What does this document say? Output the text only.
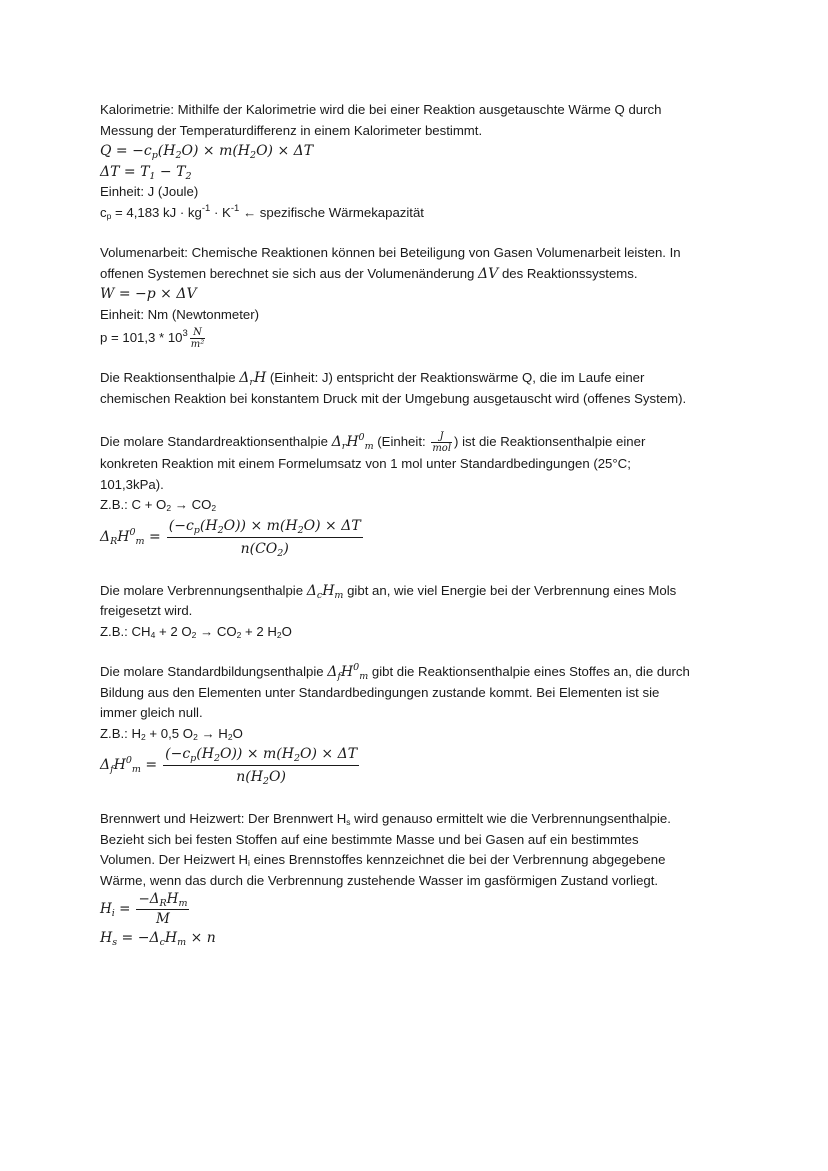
Kalorimetrie: Mithilfe der Kalorimetrie wird die bei einer Reaktion ausgetauschte Wärme Q durch

Messung der Temperaturdifferenz in einem Kalorimeter bestimmt.

$Q = -c_p(H_2O) \times m(H_2O) \times \Delta T$

$\Delta T = T_1 - T_2$

Einheit: J (Joule)

cp = 4,183 kJ · $kg^{-1} \cdot K^{-1}$ ← spezifische Wärmekapazität

Volumenarbeit: Chemische Reaktionen können bei Beteiligung von Gasen Volumenarbeit leisten. In

offenen Systemen berechnet sie sich aus der Volumenänderung ΔV des Reaktionssystems.

W = −p × ΔV

Einheit: Nm (Newtonmeter)

$p = 101,3 * 10^3 \frac{N}{\text{m²}}$

Die Reaktionsenthalpie $\Delta_rH$ (Einheit: J) entspricht der Reaktionswärme Q, die im Laufe einer

chemischen Reaktion bei konstantem Druck mit der Umgebung ausgetauscht wird (offenes System).

Die molare Standardreaktionsenthalpie $\Delta_rH^0_m$ (Einheit: $\frac{J}{\text{mol}}$ ) ist die Reaktionsenthalpie einer

konkreten Reaktion mit einem Formelumsatz von 1 mol unter Standardbedingungen (25°C;

101,3kPa).

Z.B.: C + O2 → CO2

$\Delta_RH^0_m = \frac{(-c_p(H_2O)) \times m(H_2O) \times \Delta T}{n(CO_2)}$

Die molare Verbrennungsenthalpie $\Delta_cH_m$ gibt an, wie viel Energie bei der Verbrennung eines Mols

freigesetzt wird.

Z.B.: CH4 + 2 O2 → CO2 + 2 H2O

Die molare Standardbildungsenthalpie $\Delta_fH^0_m$ gibt die Reaktionsenthalpie eines Stoffes an, die durch

Bildung aus den Elementen unter Standardbedingungen zustande kommt. Bei Elementen ist sie

immer gleich null.

Z.B.: H2 + 0,5 O2 → H2O

$\Delta_fH^0_m = \frac{(-c_p(H_2O)) \times m(H_2O) \times \Delta T}{n(H_2O)}$

Brennwert und Heizwert: Der Brennwert Hs wird genauso ermittelt wie die Verbrennungsenthalpie.

Bezieht sich bei festen Stoffen auf eine bestimmte Masse und bei Gasen auf ein bestimmtes

Volumen. Der Heizwert Hi eines Brennstoffes kennzeichnet die bei der Verbrennung abgegebene

Wärme, wenn das durch die Verbrennung zustehende Wasser im gasförmigen Zustand vorliegt.

$H_i = \frac{-\Delta_RH_m}{M}$

$H_s = -\Delta_cH_m \times n$
